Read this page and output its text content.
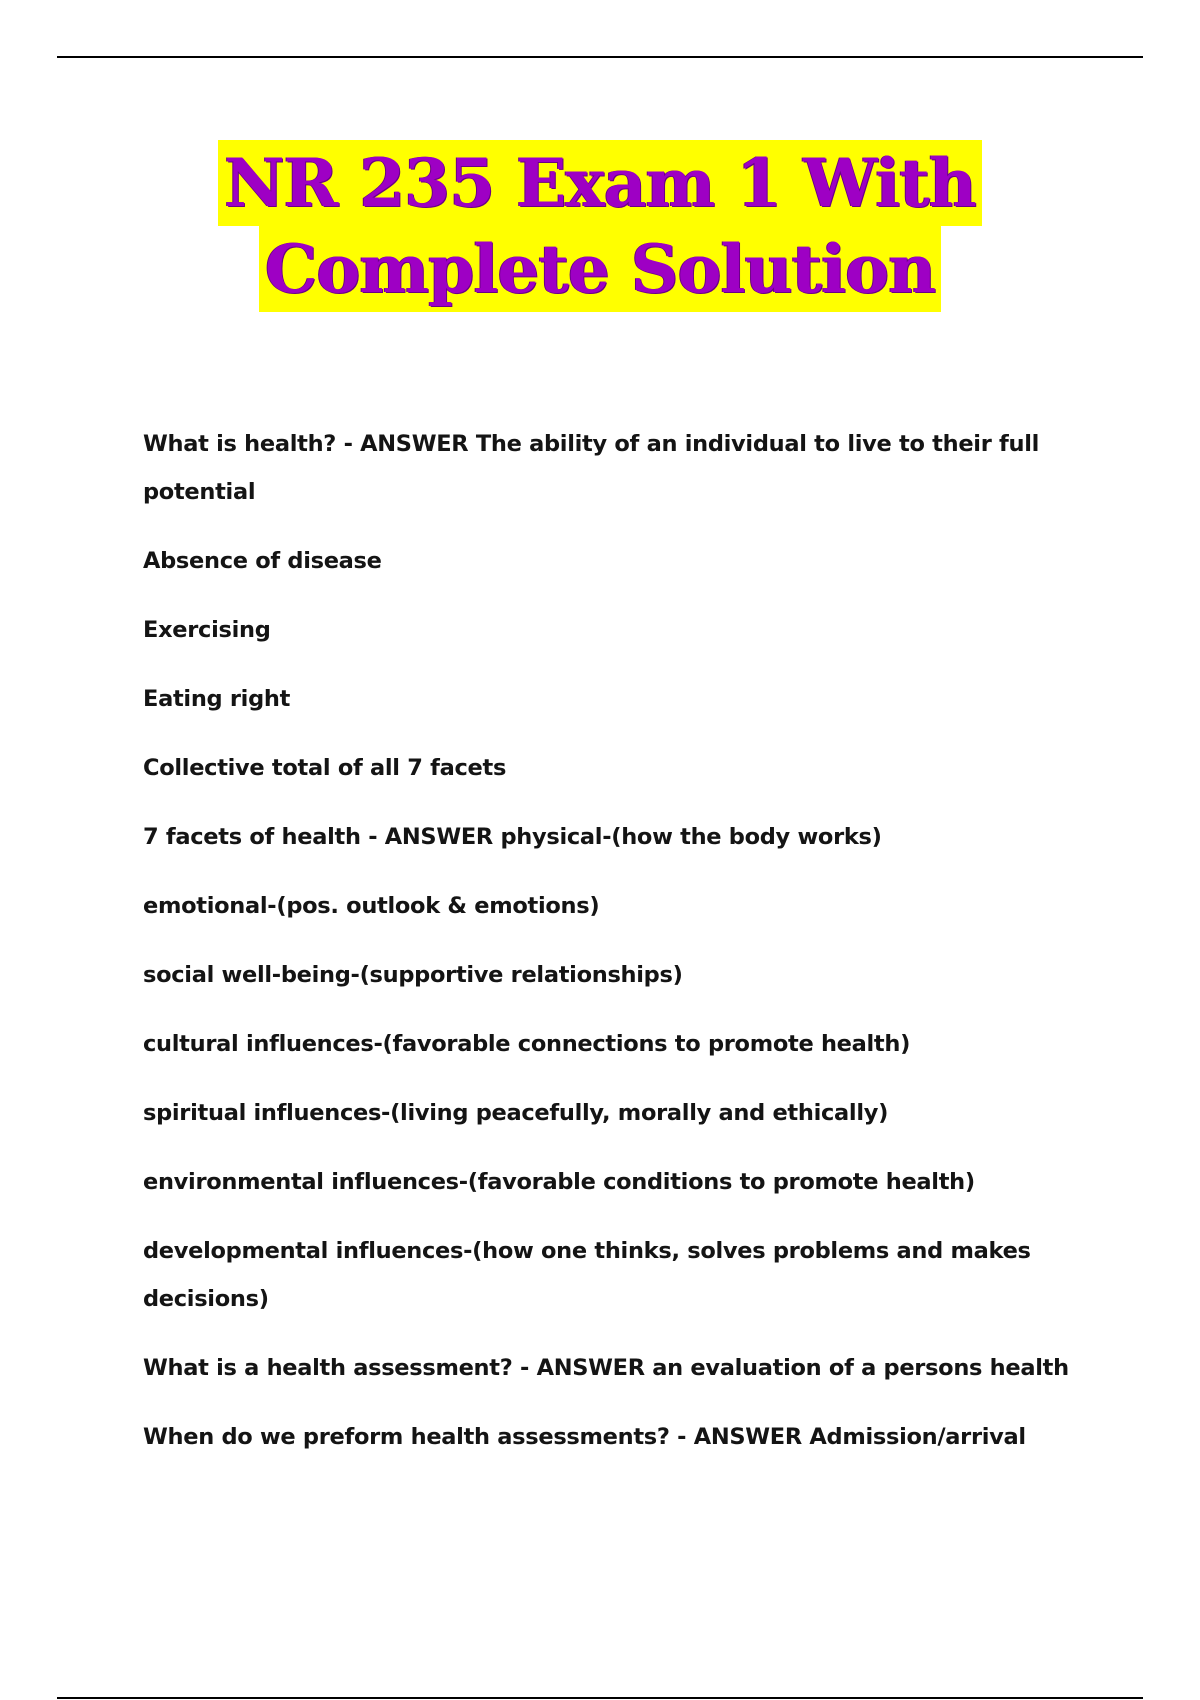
NR 235 Exam 1 With
Complete Solution

What is health? - ANSWER The ability of an individual to live to their full potential

Absence of disease

Exercising

Eating right

Collective total of all 7 facets

7 facets of health - ANSWER physical-(how the body works)

emotional-(pos. outlook & emotions)

social well-being-(supportive relationships)

cultural influences-(favorable connections to promote health)

spiritual influences-(living peacefully, morally and ethically)

environmental influences-(favorable conditions to promote health)

developmental influences-(how one thinks, solves problems and makes decisions)

What is a health assessment? - ANSWER an evaluation of a persons health

When do we preform health assessments? - ANSWER Admission/arrival
